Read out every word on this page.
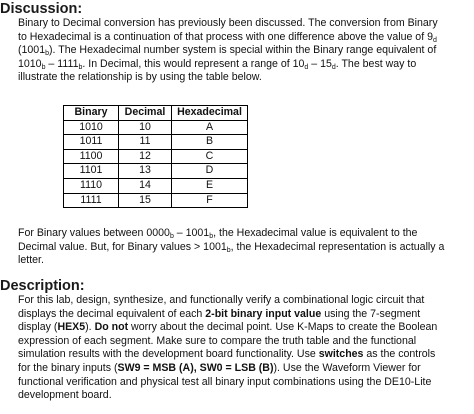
Discussion:
Binary to Decimal conversion has previously been discussed. The conversion from Binary
to Hexadecimal is a continuation of that process with one difference above the value of $9_d$
$(1001_b)$. The Hexadecimal number system is special within the Binary range equivalent of
$1010_b - 1111_b$. In Decimal, this would represent a range of $10_d - 15_d$. The best way to
illustrate the relationship is by using the table below.
Binary	Decimal	Hexadecimal
1010	10	A
1011	11	B
1100	12	C
1101	13	D
1110	14	E
1111	15	F
For Binary values between $0000_b - 1001_b$, the Hexadecimal value is equivalent to the
Decimal value. But, for Binary values > $1001_b$, the Hexadecimal representation is actually a
letter.
Description:
For this lab, design, synthesize, and functionally verify a combinational logic circuit that
displays the decimal equivalent of each 2-bit binary input value using the 7-segment
display (HEX5). Do not worry about the decimal point. Use K-Maps to create the Boolean
expression of each segment. Make sure to compare the truth table and the functional
simulation results with the development board functionality. Use switches as the controls
for the binary inputs (SW9 = MSB (A), SW0 = LSB (B)). Use the Waveform Viewer for
functional verification and physical test all binary input combinations using the DE10-Lite
development board.
